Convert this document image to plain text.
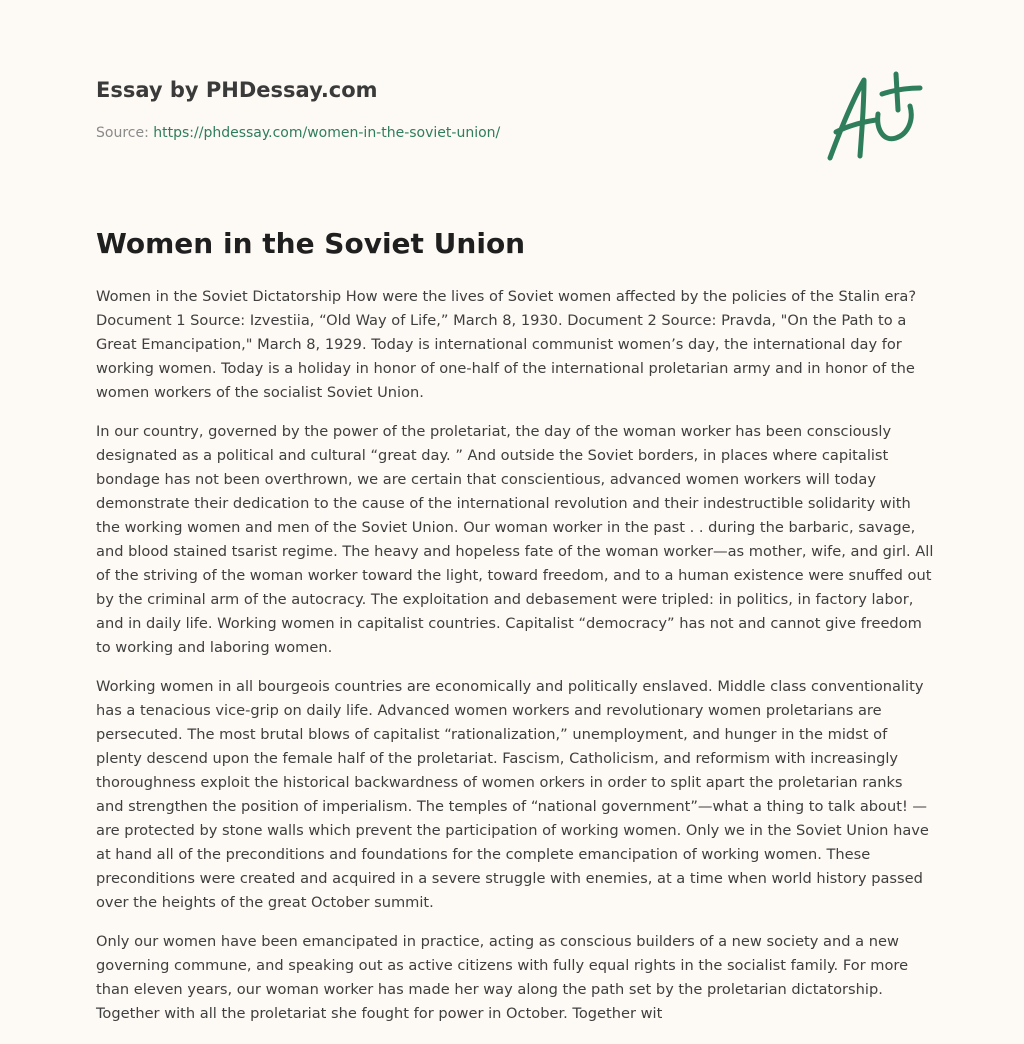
Essay by PHDessay.com
Source: https://phdessay.com/women-in-the-soviet-union/
Women in the Soviet Union

Women in the Soviet Dictatorship How were the lives of Soviet women affected by the policies of the Stalin era? Document 1 Source: Izvestiia, “Old Way of Life,” March 8, 1930. Document 2 Source: Pravda, "On the Path to a Great Emancipation," March 8, 1929. Today is international communist women’s day, the international day for working women. Today is a holiday in honor of one-half of the international proletarian army and in honor of the women workers of the socialist Soviet Union.

In our country, governed by the power of the proletariat, the day of the woman worker has been consciously designated as a political and cultural “great day. ” And outside the Soviet borders, in places where capitalist bondage has not been overthrown, we are certain that conscientious, advanced women workers will today demonstrate their dedication to the cause of the international revolution and their indestructible solidarity with the working women and men of the Soviet Union. Our woman worker in the past . . during the barbaric, savage, and blood stained tsarist regime. The heavy and hopeless fate of the woman worker—as mother, wife, and girl. All of the striving of the woman worker toward the light, toward freedom, and to a human existence were snuffed out by the criminal arm of the autocracy. The exploitation and debasement were tripled: in politics, in factory labor, and in daily life. Working women in capitalist countries. Capitalist “democracy” has not and cannot give freedom to working and laboring women.

Working women in all bourgeois countries are economically and politically enslaved. Middle class conventionality has a tenacious vice-grip on daily life. Advanced women workers and revolutionary women proletarians are persecuted. The most brutal blows of capitalist “rationalization,” unemployment, and hunger in the midst of plenty descend upon the female half of the proletariat. Fascism, Catholicism, and reformism with increasingly thoroughness exploit the historical backwardness of women orkers in order to split apart the proletarian ranks and strengthen the position of imperialism. The temples of “national government”—what a thing to talk about! — are protected by stone walls which prevent the participation of working women. Only we in the Soviet Union have at hand all of the preconditions and foundations for the complete emancipation of working women. These preconditions were created and acquired in a severe struggle with enemies, at a time when world history passed over the heights of the great October summit.

Only our women have been emancipated in practice, acting as conscious builders of a new society and a new governing commune, and speaking out as active citizens with fully equal rights in the socialist family. For more than eleven years, our woman worker has made her way along the path set by the proletarian dictatorship. Together with all the proletariat she fought for power in October. Together wit
